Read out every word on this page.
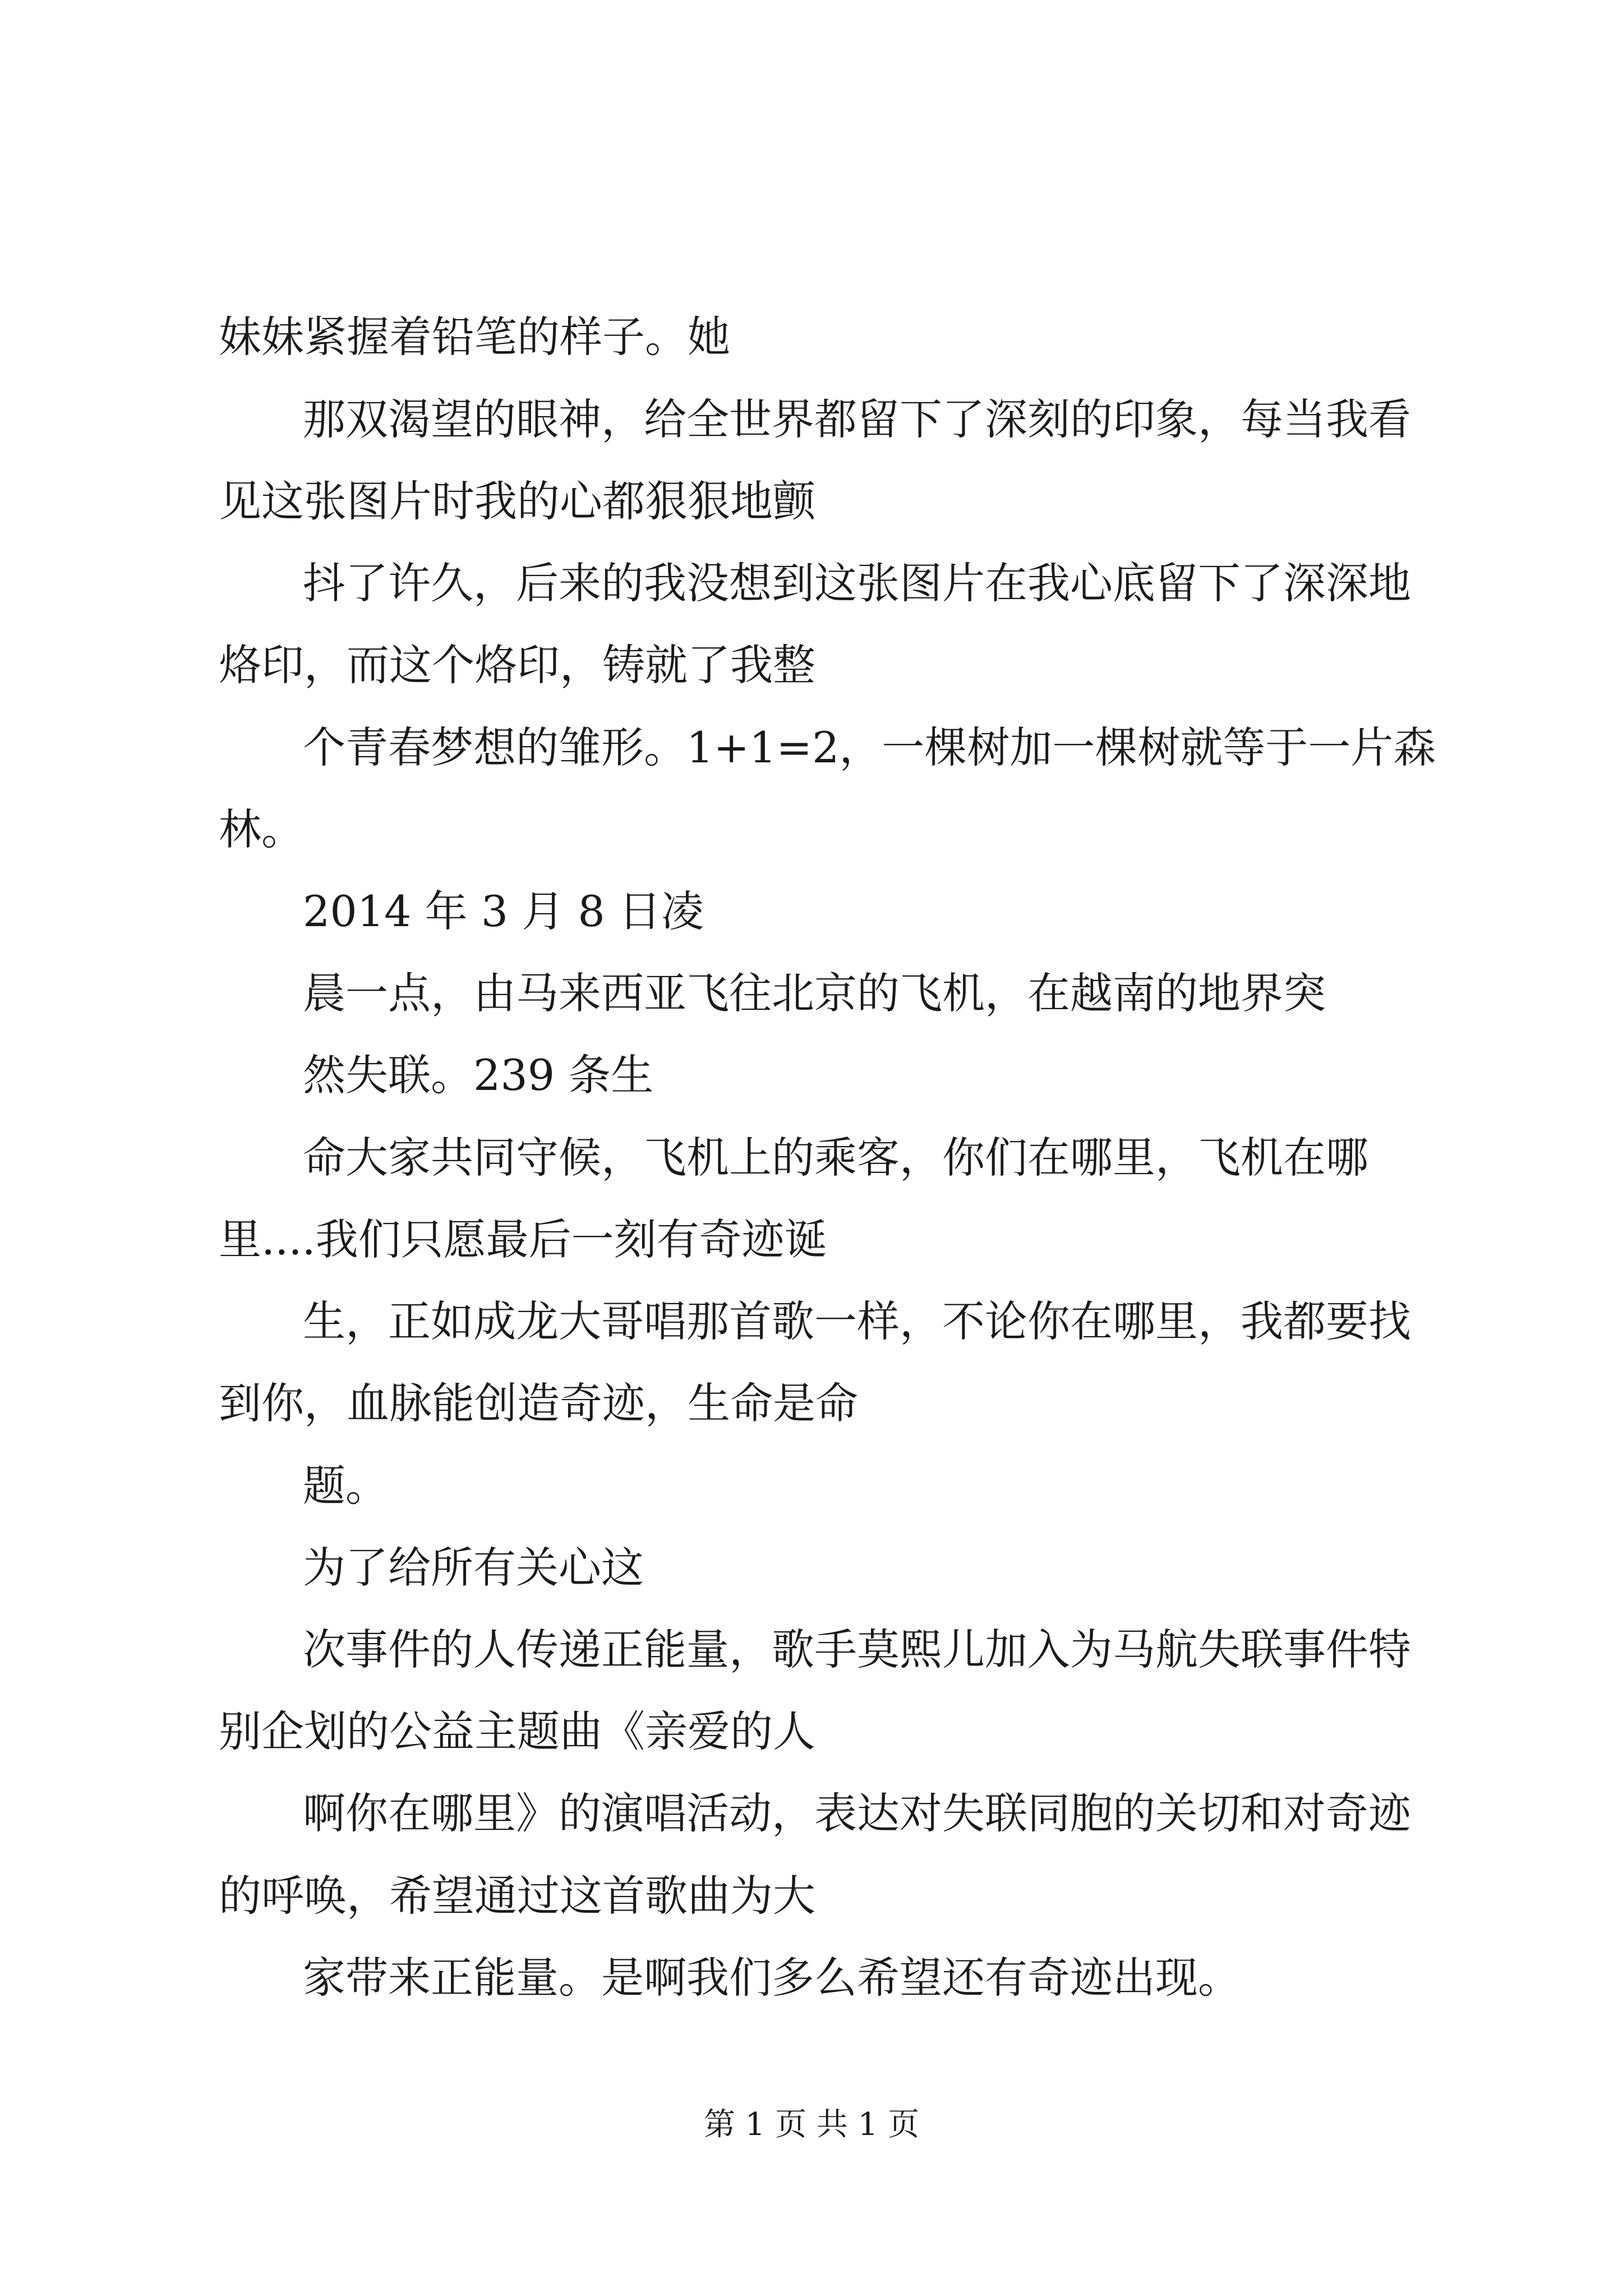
妹妹紧握着铅笔的样子。她
那双渴望的眼神，给全世界都留下了深刻的印象，每当我看
见这张图片时我的心都狠狠地颤
抖了许久，后来的我没想到这张图片在我心底留下了深深地
烙印，而这个烙印，铸就了我整
个青春梦想的雏形。1+1=2，一棵树加一棵树就等于一片森
林。
2014 年 3 月 8 日凌
晨一点，由马来西亚飞往北京的飞机，在越南的地界突
然失联。239 条生
命大家共同守候，飞机上的乘客，你们在哪里，飞机在哪
里....我们只愿最后一刻有奇迹诞
生，正如成龙大哥唱那首歌一样，不论你在哪里，我都要找
到你，血脉能创造奇迹，生命是命
题。
为了给所有关心这
次事件的人传递正能量，歌手莫熙儿加入为马航失联事件特
别企划的公益主题曲《亲爱的人
啊你在哪里》的演唱活动，表达对失联同胞的关切和对奇迹
的呼唤，希望通过这首歌曲为大
家带来正能量。是啊我们多么希望还有奇迹出现。
第 1 页 共 1 页
